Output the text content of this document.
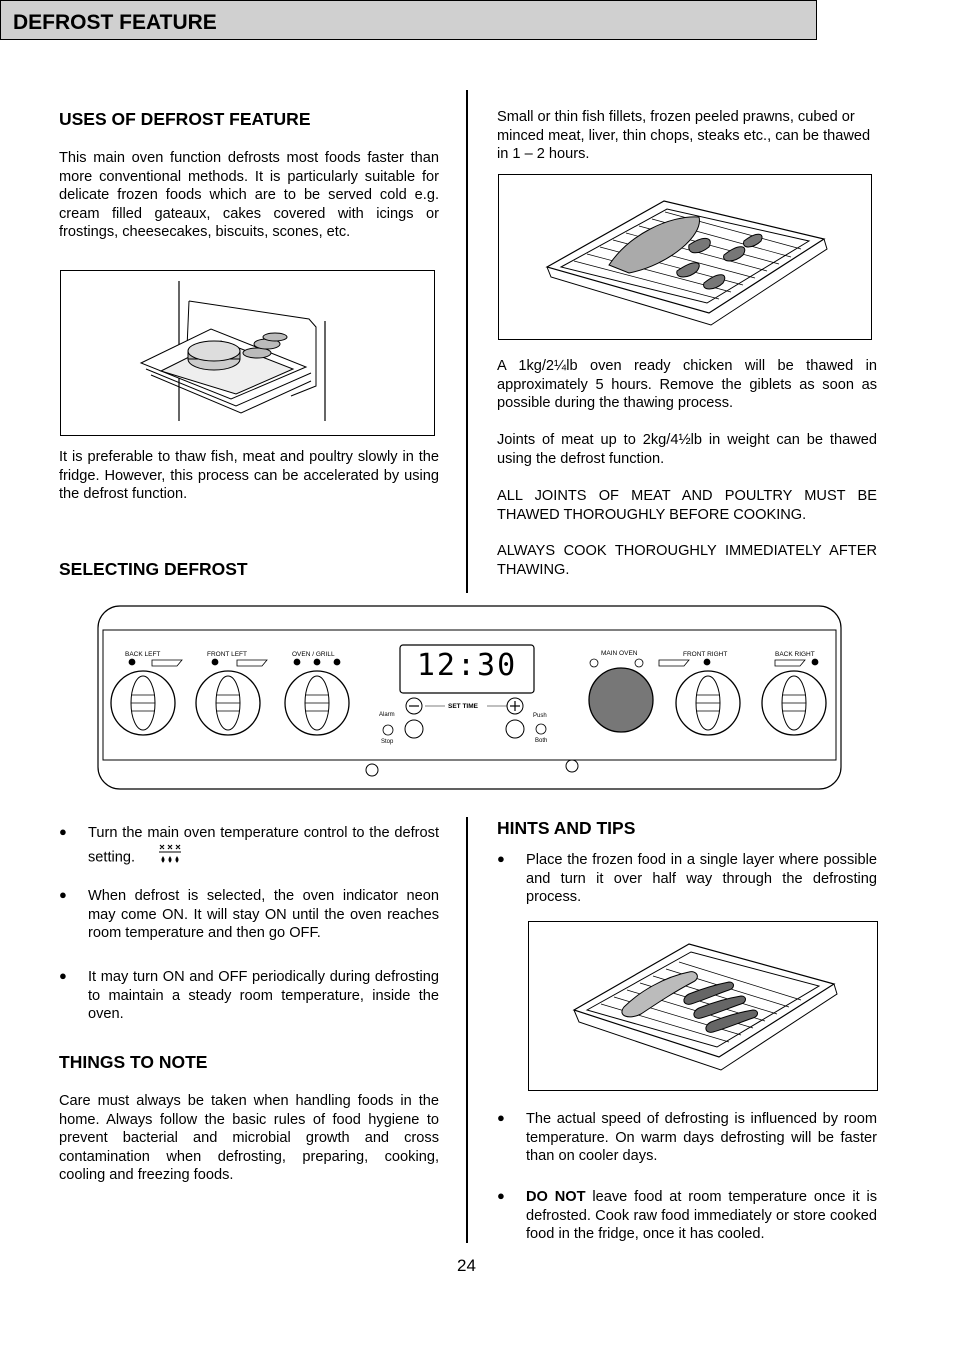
DEFROST FEATURE
USES OF DEFROST FEATURE
This main oven function defrosts most foods faster than more conventional methods. It is particularly suitable for delicate frozen foods which are to be served cold e.g. cream filled gateaux, cakes covered with icings or frostings, cheesecakes, biscuits, scones, etc.
It is preferable to thaw fish, meat and poultry slowly in the fridge. However, this process can be accelerated by using the defrost function.
SELECTING DEFROST
Small or thin fish fillets, frozen peeled prawns, cubed or minced meat, liver, thin chops, steaks etc., can be thawed in 1 – 2 hours.
A 1kg/2¼lb oven ready chicken will be thawed in approximately 5 hours. Remove the giblets as soon as possible during the thawing process.
Joints of meat up to 2kg/4½lb in weight can be thawed using the defrost function.
ALL JOINTS OF MEAT AND POULTRY MUST BE THAWED THOROUGHLY BEFORE COOKING.
ALWAYS COOK THOROUGHLY IMMEDIATELY AFTER THAWING.
BACK LEFT	FRONT LEFT	OVEN / GRILL	MAIN OVEN	FRONT RIGHT	BACK RIGHT
SET TIME
Alarm
Stop
Push
Both
12:30
● Turn the main oven temperature control to the defrost setting.
● When defrost is selected, the oven indicator neon may come ON. It will stay ON until the oven reaches room temperature and then go OFF.
● It may turn ON and OFF periodically during defrosting to maintain a steady room temperature, inside the oven.
THINGS TO NOTE
Care must always be taken when handling foods in the home. Always follow the basic rules of food hygiene to prevent bacterial and microbial growth and cross contamination when defrosting, preparing, cooking, cooling and freezing foods.
HINTS AND TIPS
● Place the frozen food in a single layer where possible and turn it over half way through the defrosting process.
● The actual speed of defrosting is influenced by room temperature. On warm days defrosting will be faster than on cooler days.
● DO NOT leave food at room temperature once it is defrosted. Cook raw food immediately or store cooked food in the fridge, once it has cooled.
24
